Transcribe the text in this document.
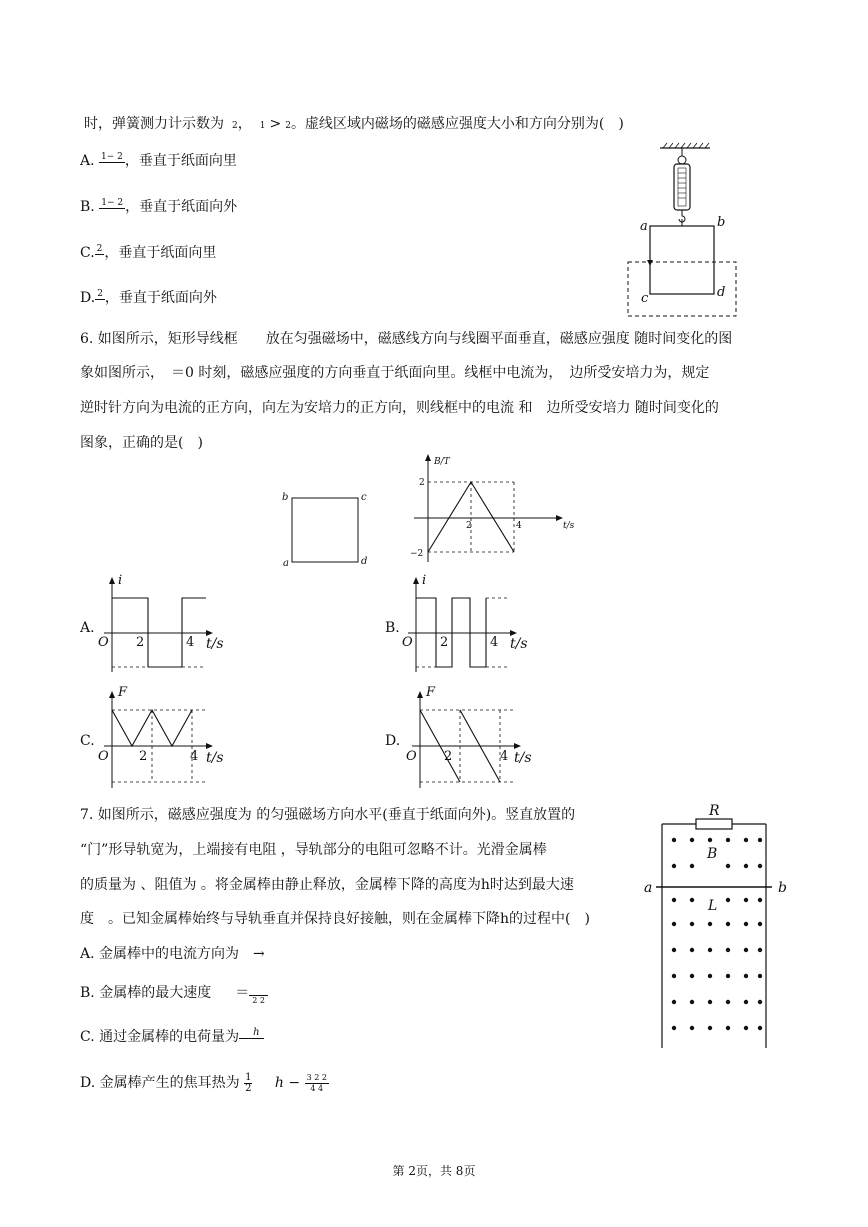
时，弹簧测力计示数为 2， 1 > 2。虚线区域内磁场的磁感应强度大小和方向分别为(　)
A. 1− 2 ，垂直于纸面向里
B. 1− 2 ，垂直于纸面向外
C. 2 ，垂直于纸面向里
D. 2 ，垂直于纸面向外
a	b
c	d
6. 如图所示，矩形导线框　　放在匀强磁场中，磁感线方向与线圈平面垂直，磁感应强度 随时间变化的图
象如图所示，　＝0 时刻，磁感应强度的方向垂直于纸面向里。线框中电流为，　边所受安培力为，规定
逆时针方向为电流的正方向，向左为安培力的正方向，则线框中的电流 和　边所受安培力 随时间变化的
图象，正确的是(　)
b	c
a	d
B/T
t/s
2
−2
2	4
A.
i
O 2	4 t/s
B.
i
O 2	4 t/s
C.
F
O 2	4 t/s
D.
F
O 2	4 t/s
7. 如图所示，磁感应强度为 的匀强磁场方向水平(垂直于纸面向外)。竖直放置的
“门”形导轨宽为，上端接有电阻 ，导轨部分的电阻可忽略不计。光滑金属棒
的质量为 、阻值为 。将金属棒由静止释放，金属棒下降的高度为h时达到最大速
度　。已知金属棒始终与导轨垂直并保持良好接触，则在金属棒下降h的过程中(　)
A. 金属棒中的电流方向为　→
B. 金属棒的最大速度 ＝ 2 2
C. 通过金属棒的电荷量为 h
D. 金属棒产生的焦耳热为 $\frac{1}{2}$ $h - \frac{3 2 2}{4 4}$
R
B
L
a	b
第 2页，共 8页
